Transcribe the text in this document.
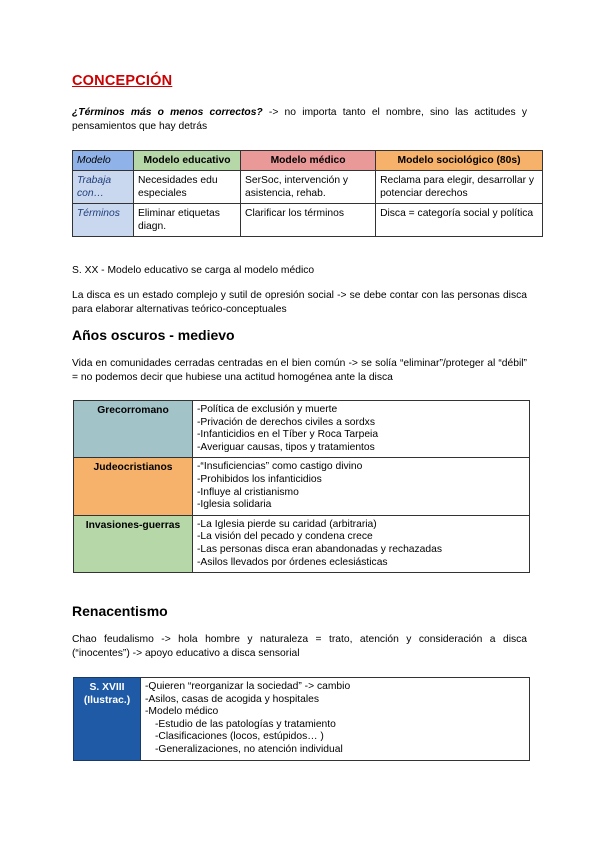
CONCEPCIÓN
¿Términos más o menos correctos? -> no importa tanto el nombre, sino las actitudes y pensamientos que hay detrás
Modelo	Modelo educativo	Modelo médico	Modelo sociológico (80s)
Trabaja con…	Necesidades edu especiales	SerSoc, intervención y asistencia, rehab.	Reclama para elegir, desarrollar y potenciar derechos
Términos	Eliminar etiquetas diagn.	Clarificar los términos	Disca = categoría social y política
S. XX - Modelo educativo se carga al modelo médico
La disca es un estado complejo y sutil de opresión social -> se debe contar con las personas disca para elaborar alternativas teórico-conceptuales
Años oscuros - medievo
Vida en comunidades cerradas centradas en el bien común -> se solía “eliminar”/proteger al “débil” = no podemos decir que hubiese una actitud homogénea ante la disca
Grecorromano	-Política de exclusión y muerte
-Privación de derechos civiles a sordxs
-Infanticidios en el Tíber y Roca Tarpeia
-Averiguar causas, tipos y tratamientos

Judeocristianos	-“Insuficiencias” como castigo divino
-Prohibidos los infanticidios
-Influye al cristianismo
-Iglesia solidaria

Invasiones-guerras	-La Iglesia pierde su caridad (arbitraria)
-La visión del pecado y condena crece
-Las personas disca eran abandonadas y rechazadas
-Asilos llevados por órdenes eclesiásticas
Renacentismo
Chao feudalismo -> hola hombre y naturaleza = trato, atención y consideración a disca (“inocentes”) -> apoyo educativo a disca sensorial
S. XVIII
(Ilustrac.)

-Quieren “reorganizar la sociedad” -> cambio
-Asilos, casas de acogida y hospitales
-Modelo médico
-Estudio de las patologías y tratamiento
-Clasificaciones (locos, estúpidos… )
-Generalizaciones, no atención individual
